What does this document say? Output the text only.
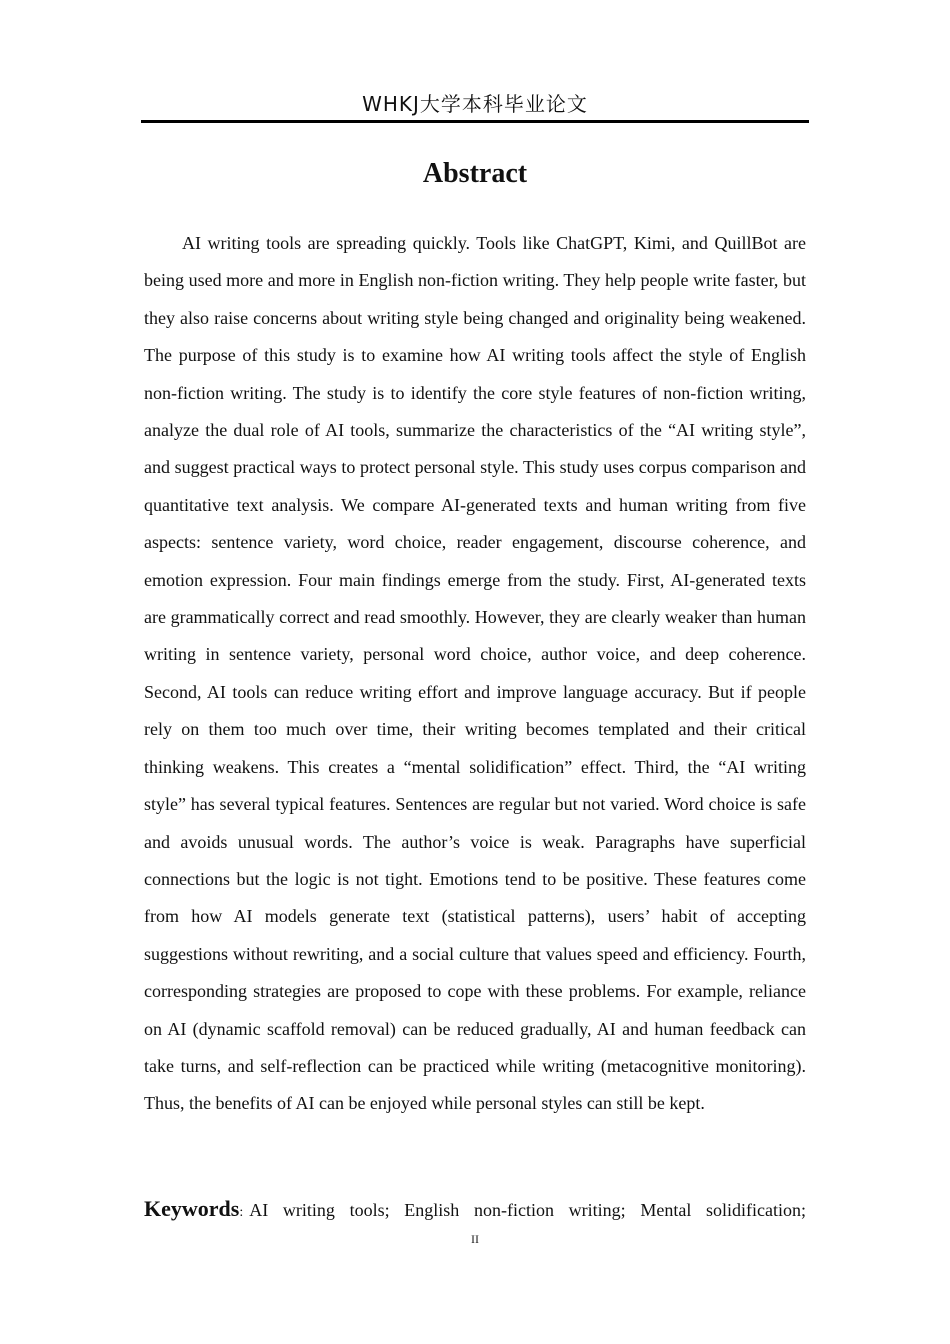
WHKJ大学本科毕业论文
Abstract

AI writing tools are spreading quickly. Tools like ChatGPT, Kimi, and QuillBot are being used more and more in English non-fiction writing. They help people write faster, but they also raise concerns about writing style being changed and originality being weakened. The purpose of this study is to examine how AI writing tools affect the style of English non-fiction writing. The study is to identify the core style features of non-fiction writing, analyze the dual role of AI tools, summarize the characteristics of the “AI writing style”, and suggest practical ways to protect personal style. This study uses corpus comparison and quantitative text analysis. We compare AI-generated texts and human writing from five aspects: sentence variety, word choice, reader engagement, discourse coherence, and emotion expression. Four main findings emerge from the study. First, AI-generated texts are grammatically correct and read smoothly. However, they are clearly weaker than human writing in sentence variety, personal word choice, author voice, and deep coherence. Second, AI tools can reduce writing effort and improve language accuracy. But if people rely on them too much over time, their writing becomes templated and their critical thinking weakens. This creates a “mental solidification” effect. Third, the “AI writing style” has several typical features. Sentences are regular but not varied. Word choice is safe and avoids unusual words. The author’s voice is weak. Paragraphs have superficial connections but the logic is not tight. Emotions tend to be positive. These features come from how AI models generate text (statistical patterns), users’ habit of accepting suggestions without rewriting, and a social culture that values speed and efficiency. Fourth, corresponding strategies are proposed to cope with these problems. For example, reliance on AI (dynamic scaffold removal) can be reduced gradually, AI and human feedback can take turns, and self-reflection can be practiced while writing (metacognitive monitoring). Thus, the benefits of AI can be enjoyed while personal styles can still be kept.

Keywords: AI writing tools; English non-fiction writing; Mental solidification;

II
